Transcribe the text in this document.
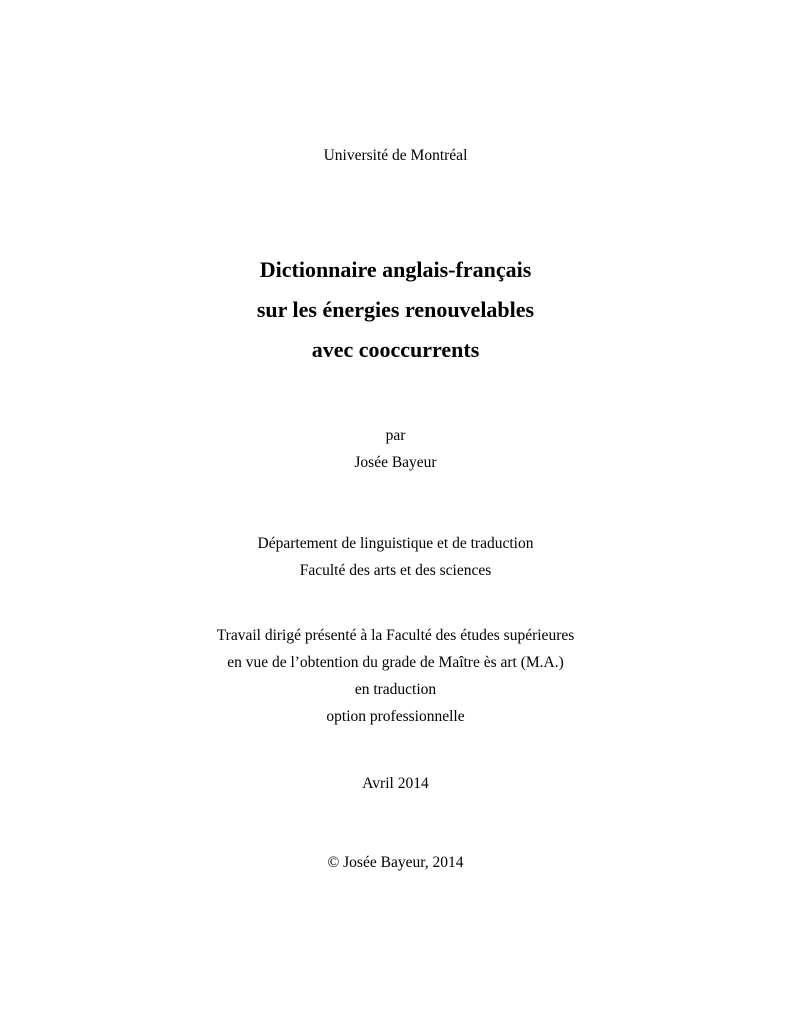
Université de Montréal
Dictionnaire anglais-français
sur les énergies renouvelables
avec cooccurrents
par
Josée Bayeur
Département de linguistique et de traduction
Faculté des arts et des sciences
Travail dirigé présenté à la Faculté des études supérieures
en vue de l’obtention du grade de Maître ès art (M.A.)
en traduction
option professionnelle
Avril 2014
© Josée Bayeur, 2014
